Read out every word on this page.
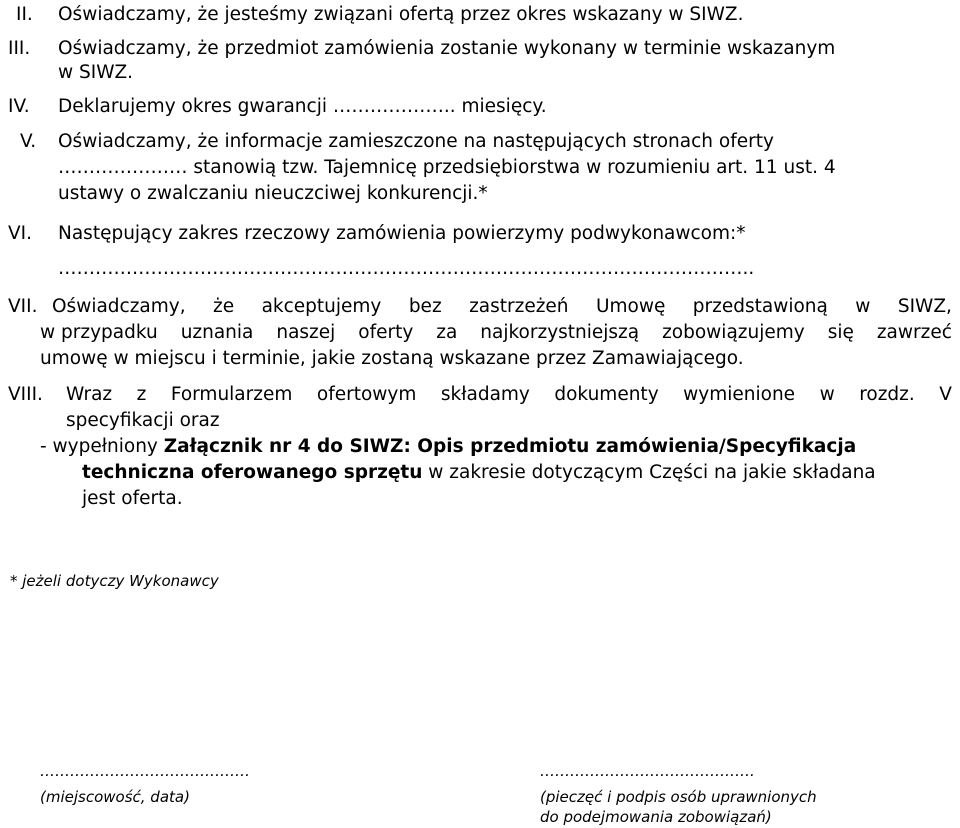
II. Oświadczamy, że jesteśmy związani ofertą przez okres wskazany w SIWZ.
III. Oświadczamy, że przedmiot zamówienia zostanie wykonany w terminie wskazanym
w SIWZ.
IV. Deklarujemy okres gwarancji ……………….. miesięcy.
V. Oświadczamy, że informacje zamieszczone na następujących stronach oferty
………………… stanowią tzw. Tajemnicę przedsiębiorstwa w rozumieniu art. 11 ust. 4
ustawy o zwalczaniu nieuczciwej konkurencji.*
VI. Następujący zakres rzeczowy zamówienia powierzymy podwykonawcom:*
…………………………………………………………………………………………………..
VII. Oświadczamy, że akceptujemy bez zastrzeżeń Umowę przedstawioną w SIWZ,
w przypadku uznania naszej oferty za najkorzystniejszą zobowiązujemy się zawrzeć
umowę w miejscu i terminie, jakie zostaną wskazane przez Zamawiającego.
VIII. Wraz z Formularzem ofertowym składamy dokumenty wymienione w rozdz. V
specyfikacji oraz
- wypełniony Załącznik nr 4 do SIWZ: Opis przedmiotu zamówienia/Specyfikacja
techniczna oferowanego sprzętu w zakresie dotyczącym Części na jakie składana
jest oferta.
* jeżeli dotyczy Wykonawcy
……………………………………
(miejscowość, data)
…………………………………….
(pieczęć i podpis osób uprawnionych
do podejmowania zobowiązań)
